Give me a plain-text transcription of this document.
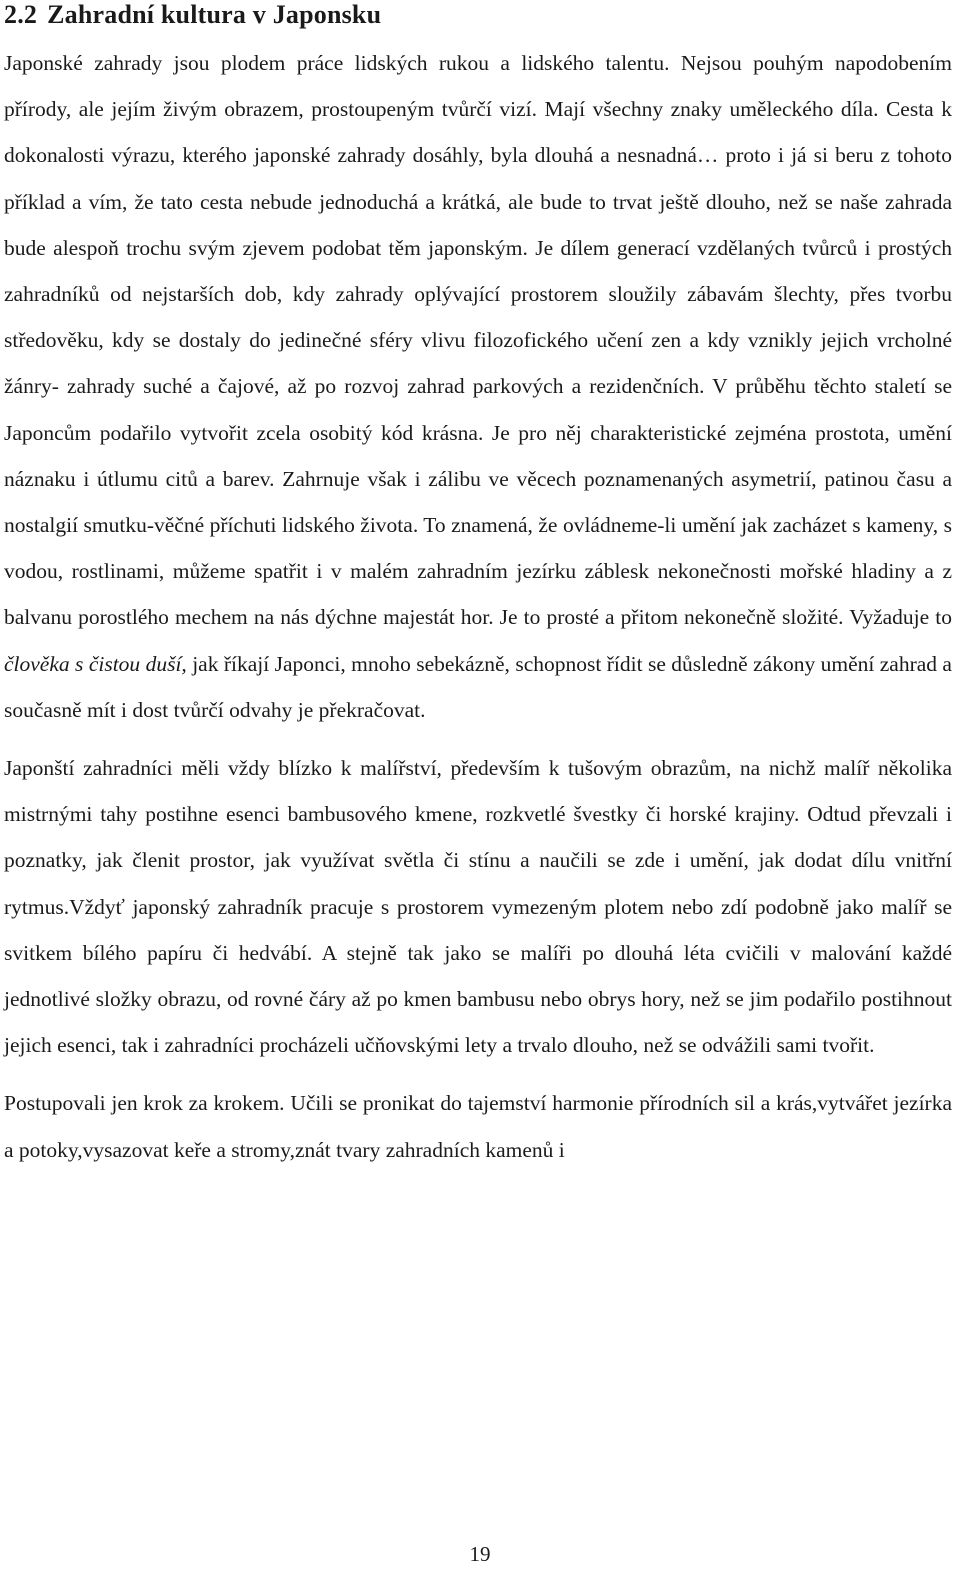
2.2 Zahradní kultura v Japonsku

Japonské zahrady jsou plodem práce lidských rukou a lidského talentu. Nejsou pouhým napodobením přírody, ale jejím živým obrazem, prostoupeným tvůrčí vizí. Mají všechny znaky uměleckého díla. Cesta k dokonalosti výrazu, kterého japonské zahrady dosáhly, byla dlouhá a nesnadná… proto i já si beru z tohoto příklad a vím, že tato cesta nebude jednoduchá a krátká, ale bude to trvat ještě dlouho, než se naše zahrada bude alespoň trochu svým zjevem podobat těm japonským. Je dílem generací vzdělaných tvůrců i prostých zahradníků od nejstarších dob, kdy zahrady oplývající prostorem sloužily zábavám šlechty, přes tvorbu středověku, kdy se dostaly do jedinečné sféry vlivu filozofického učení zen a kdy vznikly jejich vrcholné žánry- zahrady suché a čajové, až po rozvoj zahrad parkových a rezidenčních. V průběhu těchto staletí se Japoncům podařilo vytvořit zcela osobitý kód krásna. Je pro něj charakteristické zejména prostota, umění náznaku i útlumu citů a barev. Zahrnuje však i zálibu ve věcech poznamenaných asymetrií, patinou času a nostalgií smutku-věčné příchuti lidského života. To znamená, že ovládneme-li umění jak zacházet s kameny, s vodou, rostlinami, můžeme spatřit i v malém zahradním jezírku záblesk nekonečnosti mořské hladiny a z balvanu porostlého mechem na nás dýchne majestát hor. Je to prosté a přitom nekonečně složité. Vyžaduje to člověka s čistou duší, jak říkají Japonci, mnoho sebekázně, schopnost řídit se důsledně zákony umění zahrad a současně mít i dost tvůrčí odvahy je překračovat.

Japonští zahradníci měli vždy blízko k malířství, především k tušovým obrazům, na nichž malíř několika mistrnými tahy postihne esenci bambusového kmene, rozkvetlé švestky či horské krajiny. Odtud převzali i poznatky, jak členit prostor, jak využívat světla či stínu a naučili se zde i umění, jak dodat dílu vnitřní rytmus.Vždyť japonský zahradník pracuje s prostorem vymezeným plotem nebo zdí podobně jako malíř se svitkem bílého papíru či hedvábí. A stejně tak jako se malíři po dlouhá léta cvičili v malování každé jednotlivé složky obrazu, od rovné čáry až po kmen bambusu nebo obrys hory, než se jim podařilo postihnout jejich esenci, tak i zahradníci procházeli učňovskými lety a trvalo dlouho, než se odvážili sami tvořit.

Postupovali jen krok za krokem. Učili se pronikat do tajemství harmonie přírodních sil a krás,vytvářet jezírka a potoky,vysazovat keře a stromy,znát tvary zahradních kamenů i

19
